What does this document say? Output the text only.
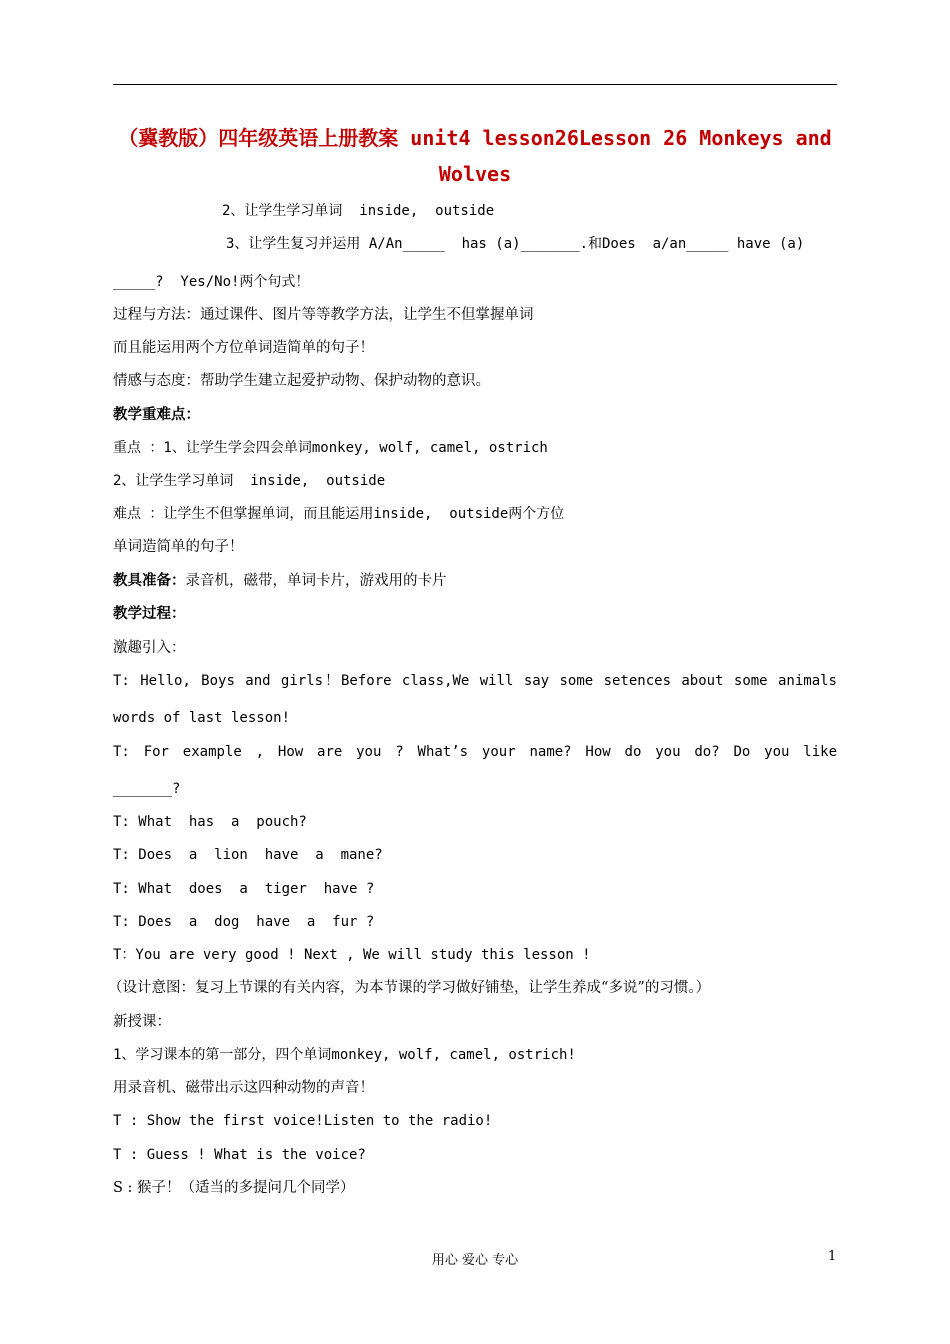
（冀教版）四年级英语上册教案 unit4 lesson26Lesson 26 Monkeys and Wolves
2、让学生学习单词  inside,  outside
3、让学生复习并运用 A/An_____  has (a)_______.和Does  a/an_____ have (a)
_____?  Yes/No!两个句式！
过程与方法：通过课件、图片等等教学方法，让学生不但掌握单词
而且能运用两个方位单词造简单的句子！
情感与态度：帮助学生建立起爱护动物、保护动物的意识。
教学重难点：
重点 ：1、让学生学会四会单词monkey, wolf, camel, ostrich
2、让学生学习单词  inside,  outside
难点 ：让学生不但掌握单词，而且能运用inside,  outside两个方位
单词造简单的句子！
教具准备：录音机，磁带，单词卡片，游戏用的卡片
教学过程：
激趣引入：
T: Hello, Boys and girls！Before class,We will say some setences about some animals
words of last lesson!
T: For example , How are you ? What’s your name? How do you do? Do you like
_______?
T: What  has  a  pouch?
T: Does  a  lion  have  a  mane?
T: What  does  a  tiger  have ?
T: Does  a  dog  have  a  fur ?
T：You are very good ! Next , We will study this lesson !
（设计意图：复习上节课的有关内容，为本节课的学习做好铺垫，让学生养成“多说”的习惯。）
新授课：
1、学习课本的第一部分，四个单词monkey, wolf, camel, ostrich!
用录音机、磁带出示这四种动物的声音！
T : Show the first voice!Listen to the radio!
T : Guess ! What is the voice?
S : 猴子！（适当的多提问几个同学）
用心 爱心 专心	1
